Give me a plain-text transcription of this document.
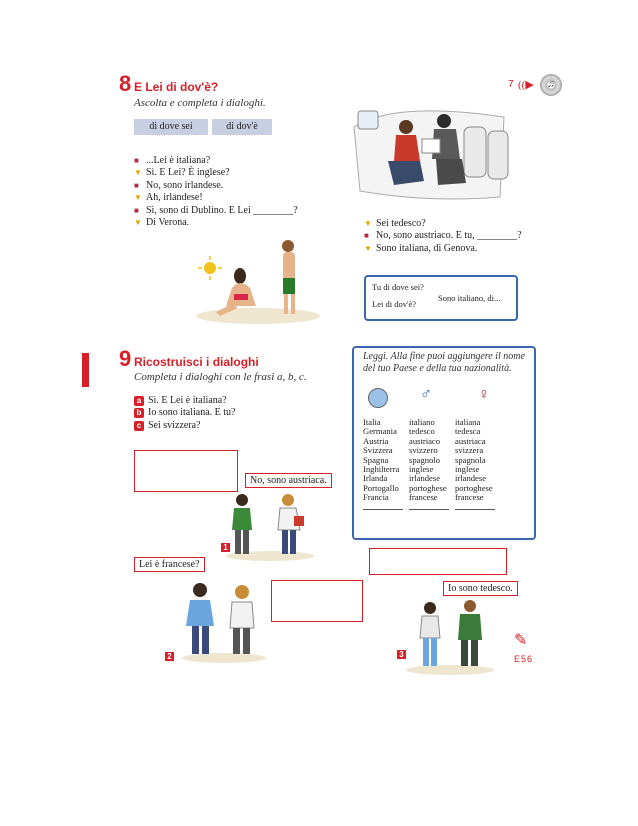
8 E Lei di dov'è?
Ascolta e completa i dialoghi.
7 ((▶	♫
di dove sei	di dov'è
■ ...Lei è italiana?
▼ Sì. E Lei? È inglese?
■ No, sono irlandese.
▼ Ah, irlandese!
■ Sì, sono di Dublino. E Lei ________?
▼ Di Verona.	▼ Sei tedesco?
■ No, sono austriaco. E tu, ________?
▼ Sono italiana, di Genova.
Tu di dove sei?
Lei di dov'è?
Sono italiano, di...
9 Ricostruisci i dialoghi
Completa i dialoghi con le frasi a, b, c.
a Sì. E Lei è italiana?
b Io sono italiana. E tu?
c Sei svizzera?
No, sono austriaca.
1
Lei è francese?
2
Io sono tedesco.
3
✎
E56
Leggi. Alla fine puoi aggiungere il nome del tuo Paese e della tua nazionalità.
♂	♀
Italia	italiano	italiana
Germania	tedesco	tedesca
Austria	austriaco	austriaca
Svizzera	svizzero	svizzera
Spagna	spagnolo	spagnola
Inghilterra	inglese	inglese
Irlanda	irlandese	irlandese
Portogallo	portoghese	portoghese
Francia	francese	francese
